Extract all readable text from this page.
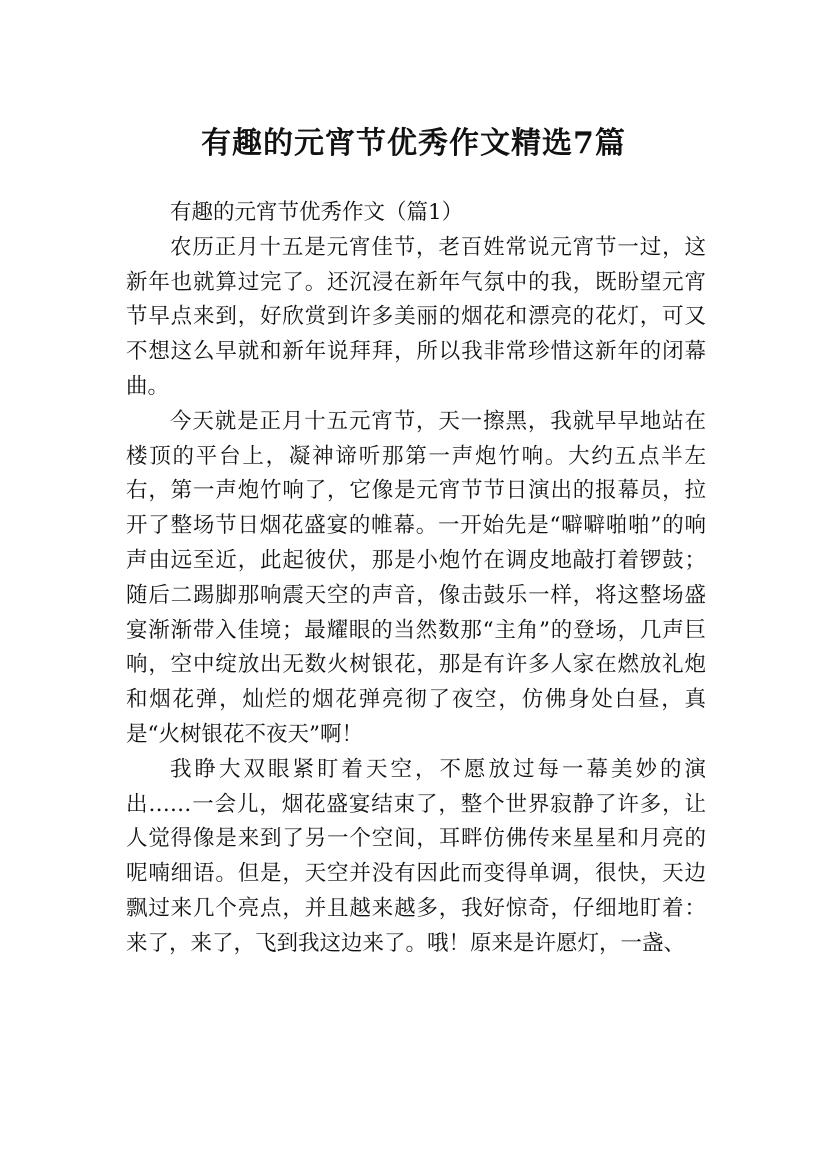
有趣的元宵节优秀作文精选7篇

有趣的元宵节优秀作文（篇1）

农历正月十五是元宵佳节，老百姓常说元宵节一过，这新年也就算过完了。还沉浸在新年气氛中的我，既盼望元宵节早点来到，好欣赏到许多美丽的烟花和漂亮的花灯，可又不想这么早就和新年说拜拜，所以我非常珍惜这新年的闭幕曲。

今天就是正月十五元宵节，天一擦黑，我就早早地站在楼顶的平台上，凝神谛听那第一声炮竹响。大约五点半左右，第一声炮竹响了，它像是元宵节节日演出的报幕员，拉开了整场节日烟花盛宴的帷幕。一开始先是“噼噼啪啪”的响声由远至近，此起彼伏，那是小炮竹在调皮地敲打着锣鼓；随后二踢脚那响震天空的声音，像击鼓乐一样，将这整场盛宴渐渐带入佳境；最耀眼的当然数那“主角”的登场，几声巨响，空中绽放出无数火树银花，那是有许多人家在燃放礼炮和烟花弹，灿烂的烟花弹亮彻了夜空，仿佛身处白昼，真是“火树银花不夜天”啊！

我睁大双眼紧盯着天空，不愿放过每一幕美妙的演出……一会儿，烟花盛宴结束了，整个世界寂静了许多，让人觉得像是来到了另一个空间，耳畔仿佛传来星星和月亮的呢喃细语。但是，天空并没有因此而变得单调，很快，天边飘过来几个亮点，并且越来越多，我好惊奇，仔细地盯着：来了，来了，飞到我这边来了。哦！原来是许愿灯，一盏、
